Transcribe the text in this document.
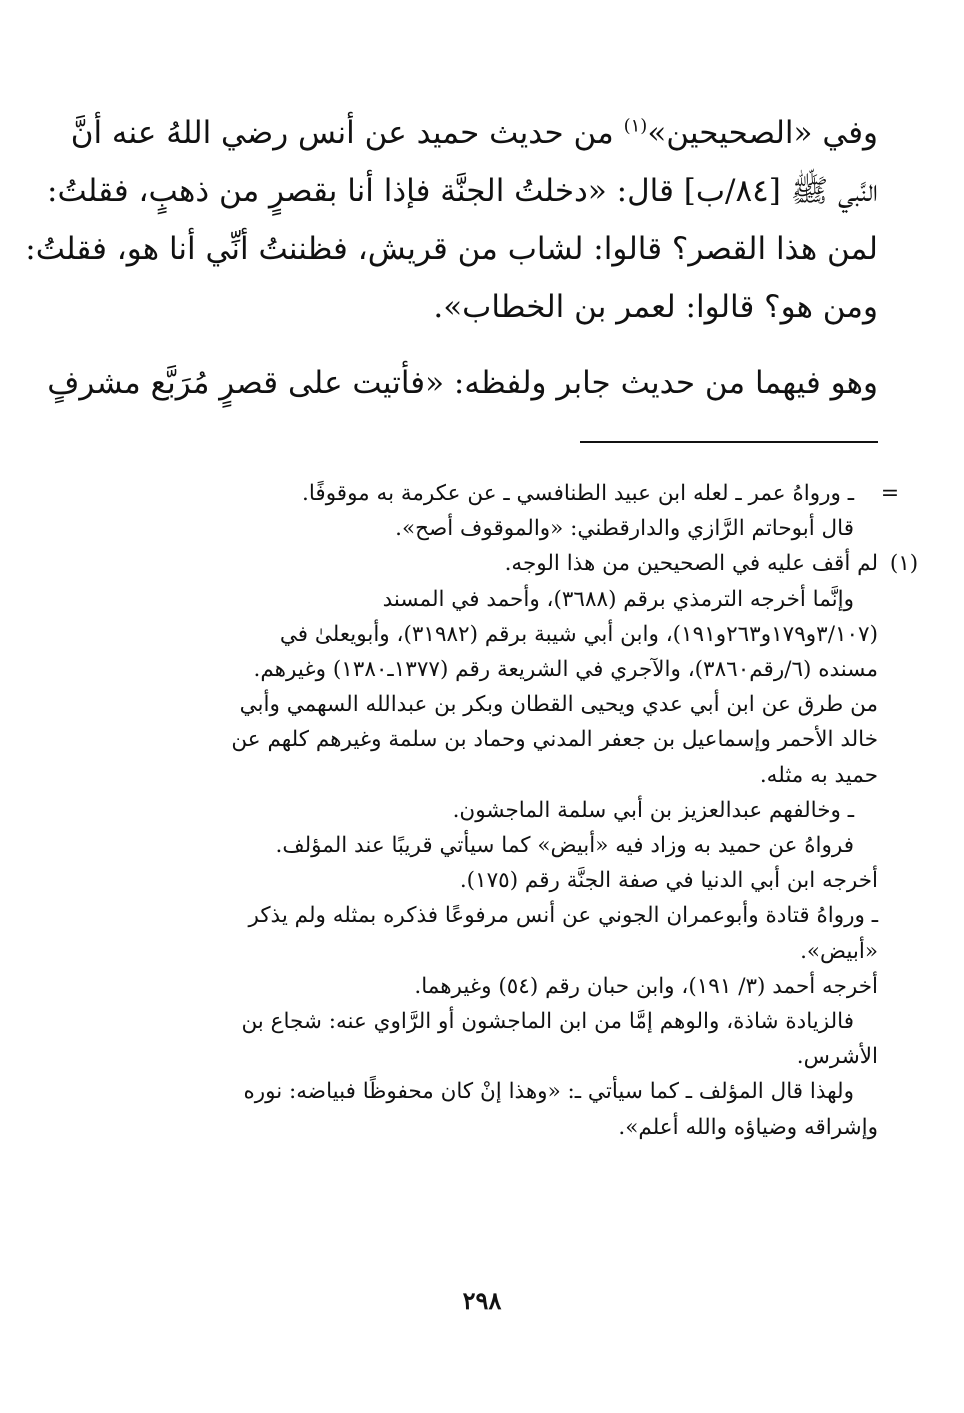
وفي «الصحيحين»$^{(١)}$ من حديث حميد عن أنس رضي اللهُ عنه أنَّ
النَّبي ﷺ [٨٤/ب] قال: «دخلتُ الجنَّة فإذا أنا بقصرٍ من ذهبٍ، فقلتُ:
لمن هذا القصر؟ قالوا: لشاب من قريش، فظننتُ أنِّي أنا هو، فقلتُ:
ومن هو؟ قالوا: لعمر بن الخطاب».

وهو فيهما من حديث جابر ولفظه: «فأتيت على قصرٍ مُرَبَّع مشرفٍ
=
ـ ورواهُ عمر ـ لعله ابن عبيد الطنافسي ـ عن عكرمة به موقوفًا.
قال أبوحاتم الرَّازي والدارقطني: «والموقوف أصح».
(١)
لم أقف عليه في الصحيحين من هذا الوجه.
وإنَّما أخرجه الترمذي برقم (٣٦٨٨)، وأحمد في المسند
(٣/١٠٧و١٧٩و٢٦٣و١٩١)، وابن أبي شيبة برقم (٣١٩٨٢)، وأبويعلىٰ في
مسنده (٦/رقم٣٨٦٠)، والآجري في الشريعة رقم (١٣٧٧ـ١٣٨٠) وغيرهم.
من طرق عن ابن أبي عدي ويحيى القطان وبكر بن عبدالله السهمي وأبي
خالد الأحمر وإسماعيل بن جعفر المدني وحماد بن سلمة وغيرهم كلهم عن
حميد به مثله.
ـ وخالفهم عبدالعزيز بن أبي سلمة الماجشون.
فرواهُ عن حميد به وزاد فيه «أبيض» كما سيأتي قريبًا عند المؤلف.
أخرجه ابن أبي الدنيا في صفة الجنَّة رقم (١٧٥).
ـ ورواهُ قتادة وأبوعمران الجوني عن أنس مرفوعًا فذكره بمثله ولم يذكر
«أبيض».
أخرجه أحمد (٣/ ١٩١)، وابن حبان رقم (٥٤) وغيرهما.
فالزيادة شاذة، والوهم إمَّا من ابن الماجشون أو الرَّاوي عنه: شجاع بن
الأشرس.
ولهذا قال المؤلف ـ كما سيأتي ـ: «وهذا إنْ كان محفوظًا فبياضه: نوره
وإشراقه وضياؤه والله أعلم».
٢٩٨
